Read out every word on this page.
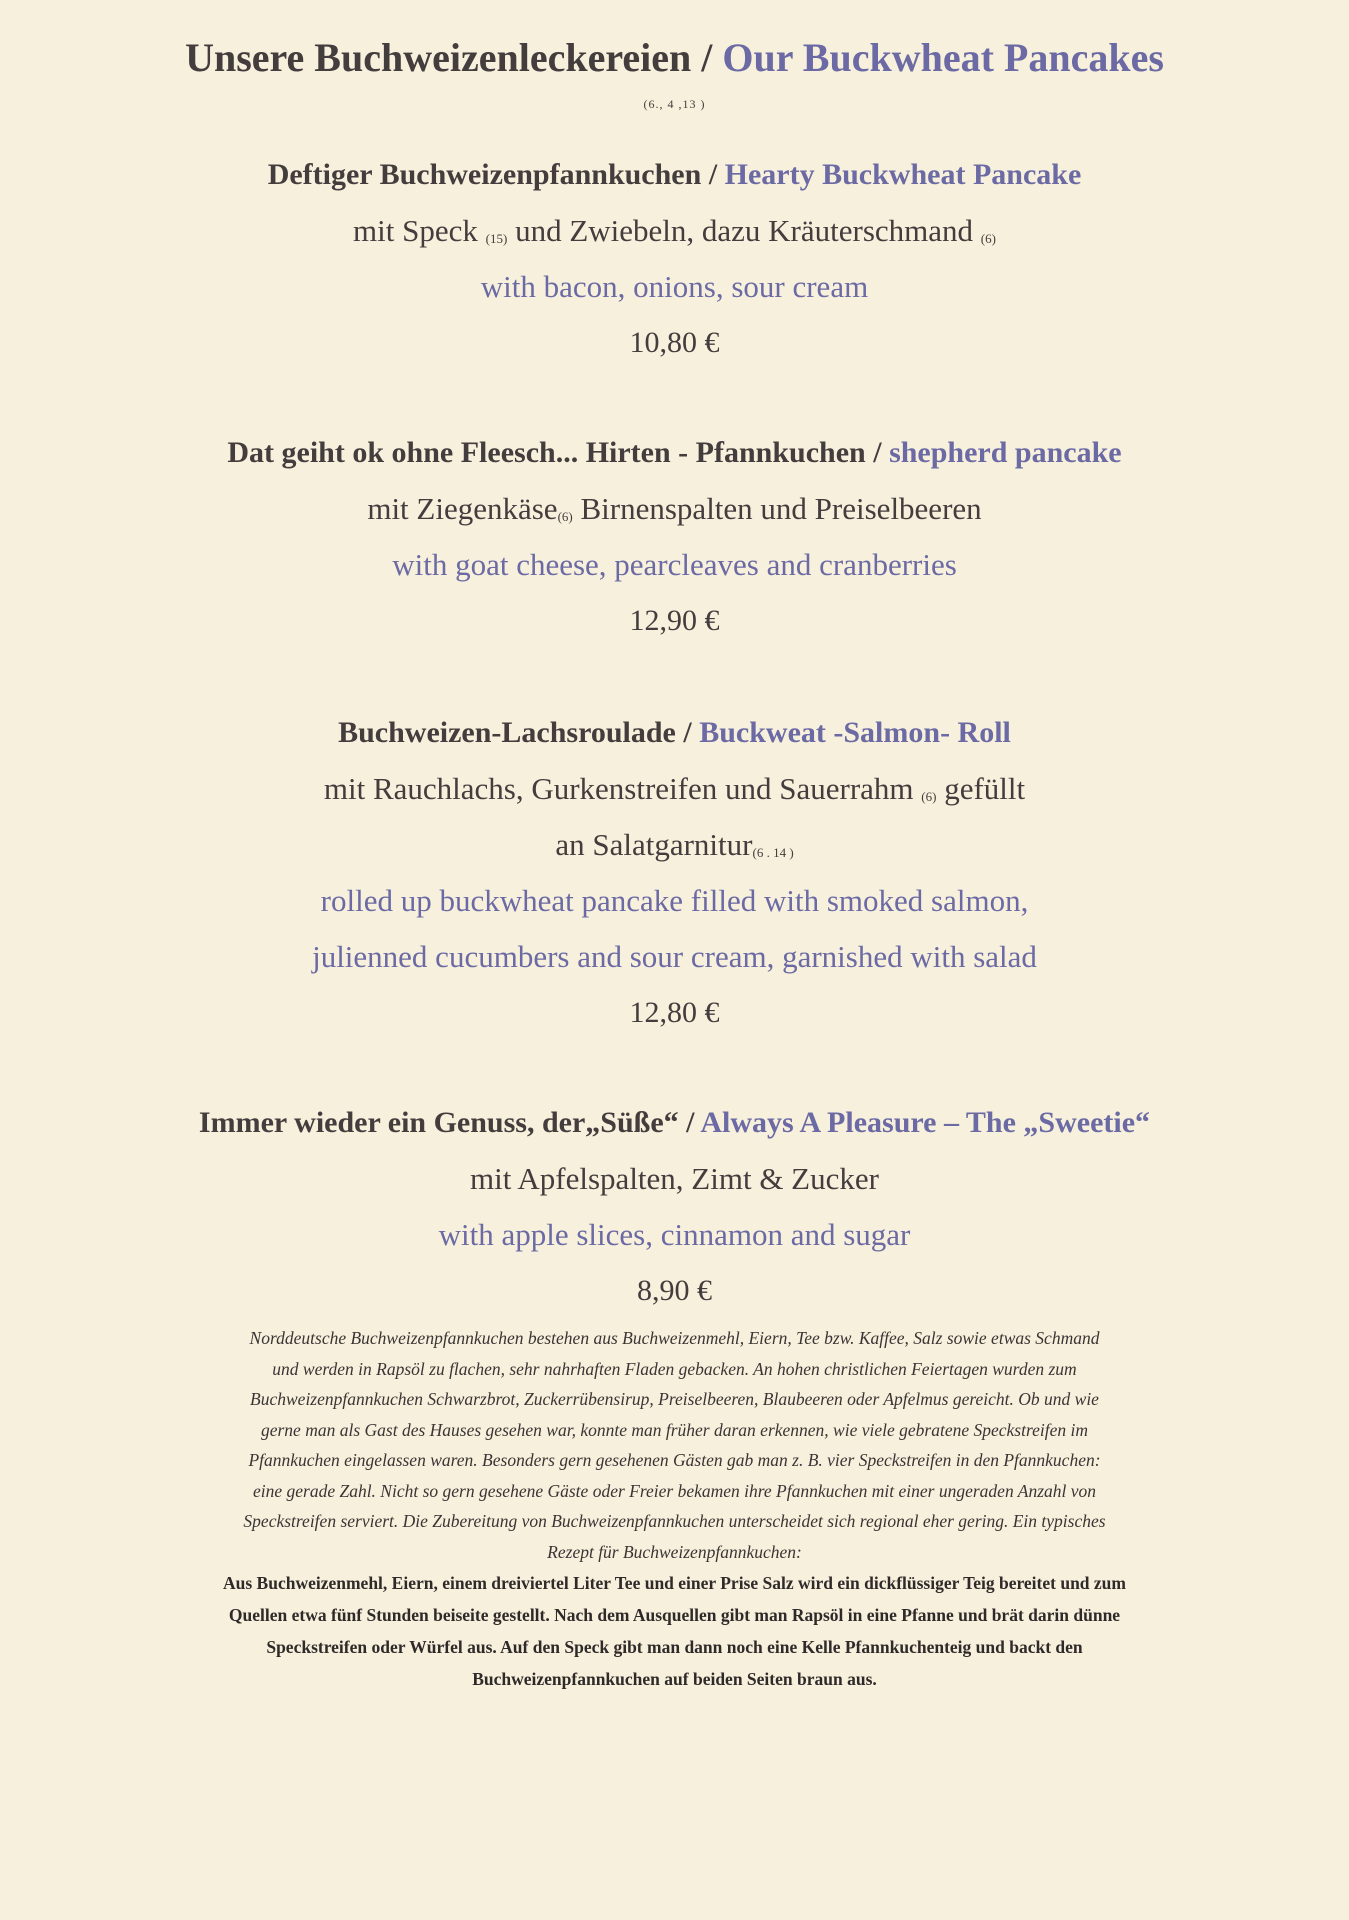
Unsere Buchweizenleckereien / Our Buckwheat Pancakes

(6., 4 ,13 )

Deftiger Buchweizenpfannkuchen / Hearty Buckwheat Pancake

mit Speck $_{(15)}$ und Zwiebeln, dazu Kräuterschmand $_{(6)}$

with bacon, onions, sour cream

10,80 €

Dat geiht ok ohne Fleesch... Hirten - Pfannkuchen / shepherd pancake

mit Ziegenkäse$_{(6)}$ Birnenspalten und Preiselbeeren

with goat cheese, pearcleaves and cranberries

12,90 €

Buchweizen-Lachsroulade / Buckweat -Salmon- Roll

mit Rauchlachs, Gurkenstreifen und Sauerrahm $_{(6)}$ gefüllt

an Salatgarnitur$_{(6 . 14 )}$

rolled up buckwheat pancake filled with smoked salmon,

julienned cucumbers and sour cream, garnished with salad

12,80 €

Immer wieder ein Genuss, der„Süße“ / Always A Pleasure – The „Sweetie“

mit Apfelspalten, Zimt & Zucker

with apple slices, cinnamon and sugar

8,90 €

Norddeutsche Buchweizenpfannkuchen bestehen aus Buchweizenmehl, Eiern, Tee bzw. Kaffee, Salz sowie etwas Schmand
und werden in Rapsöl zu flachen, sehr nahrhaften Fladen gebacken. An hohen christlichen Feiertagen wurden zum
Buchweizenpfannkuchen Schwarzbrot, Zuckerrübensirup, Preiselbeeren, Blaubeeren oder Apfelmus gereicht. Ob und wie
gerne man als Gast des Hauses gesehen war, konnte man früher daran erkennen, wie viele gebratene Speckstreifen im
Pfannkuchen eingelassen waren. Besonders gern gesehenen Gästen gab man z. B. vier Speckstreifen in den Pfannkuchen:
eine gerade Zahl. Nicht so gern gesehene Gäste oder Freier bekamen ihre Pfannkuchen mit einer ungeraden Anzahl von
Speckstreifen serviert. Die Zubereitung von Buchweizenpfannkuchen unterscheidet sich regional eher gering. Ein typisches
Rezept für Buchweizenpfannkuchen:
Aus Buchweizenmehl, Eiern, einem dreiviertel Liter Tee und einer Prise Salz wird ein dickflüssiger Teig bereitet und zum
Quellen etwa fünf Stunden beiseite gestellt. Nach dem Ausquellen gibt man Rapsöl in eine Pfanne und brät darin dünne
Speckstreifen oder Würfel aus. Auf den Speck gibt man dann noch eine Kelle Pfannkuchenteig und backt den
Buchweizenpfannkuchen auf beiden Seiten braun aus.
